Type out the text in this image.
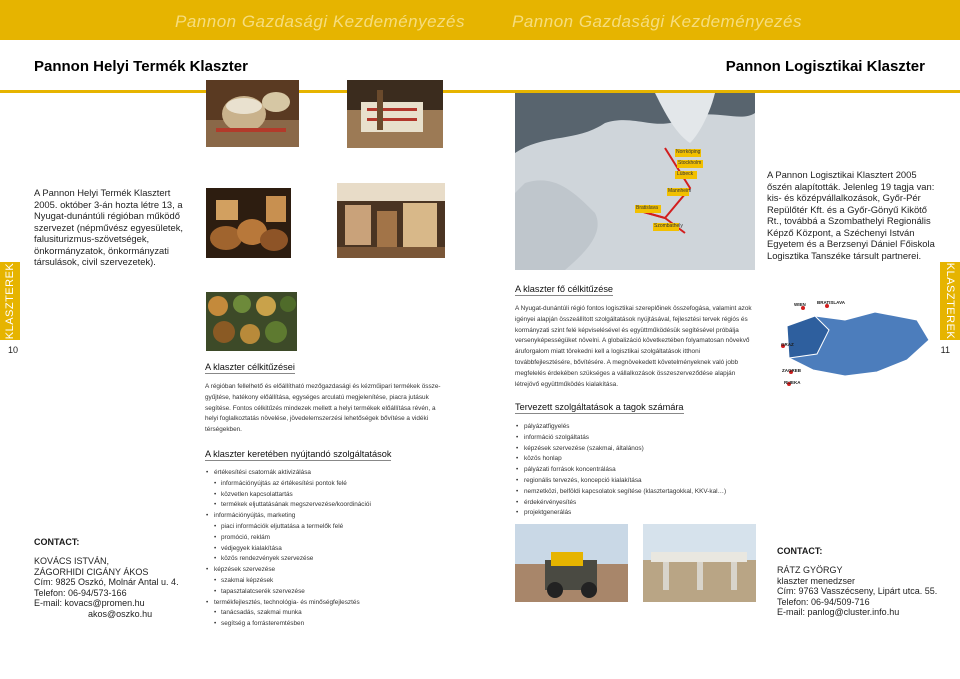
Pannon Gazdasági Kezdeményezés	Pannon Gazdasági Kezdeményezés
Pannon Helyi Termék Klaszter	Pannon Logisztikai Klaszter
KLASZTEREK	KLASZTEREK
10	11
A Pannon Helyi Termék Klasztert 2005. október 3-án hozta létre 13, a Nyugat-dunántúli régióban működő szervezet (népművész egyesületek, falusiturizmus-szövetségek, önkormányzatok, önkormányzati társulások, civil szervezetek).
A klaszter célkitűzései
A régióban fellelhető és előállítható mezőgazdasági és kézműipari termékek összegyűjtése, hatékony előállítása, egységes arculatú megjelenítése, piacra jutásuk segítése. Fontos célkitűzés mindezek mellett a helyi termékek előállítása révén, a helyi foglalkoztatás növelése, jövedelemszerzési lehetőségek bővítése a vidéki térségekben.
A klaszter keretében nyújtandó szolgáltatások
• értékesítési csatornák aktivizálása
• információnyújtás az értékesítési pontok felé
• közvetlen kapcsolattartás
• termékek eljuttatásának megszervezése/koordinációi
• információnyújtás, marketing
• piaci információk eljuttatása a termelők felé
• promóció, reklám
• védjegyek kialakítása
• közös rendezvények szervezése
• képzések szervezése
• szakmai képzések
• tapasztalatcserék szervezése
• termékfejlesztés, technológia- és minőségfejlesztés
• tanácsadás, szakmai munka
• segítség a forrásteremtésben
CONTACT:
KOVÁCS ISTVÁN,
ZÁGORHIDI CIGÁNY ÁKOS
Cím: 9825 Oszkó, Molnár Antal u. 4.
Telefon: 06-94/573-166
E-mail: kovacs@promen.hu
akos@oszko.hu
Norrköping
Stockholm
Lübeck
Mannheim
Bratislava
Szombathely
A Pannon Logisztikai Klasztert 2005 őszén alapították. Jelenleg 19 tagja van: kis- és középvállalkozások, Győr-Pér Repülőtér Kft. és a Győr-Gönyű Kikötő Rt., továbbá a Szombathelyi Regionális Képző Központ, a Széchenyi István Egyetem és a Berzsenyi Dániel Főiskola Logisztika Tanszéke társult partnerei.
A klaszter fő célkitűzése
A Nyugat-dunántúli régió fontos logisztikai szereplőinek összefogása, valamint azok igényei alapján összeállított szolgáltatások nyújtásával, fejlesztési tervek régiós és kormányzati szint felé képviselésével és együttműködésük segítésével próbálja versenyképességüket növelni. A globalizáció következtében folyamatosan növekvő áruforgalom miatt törekedni kell a logisztikai szolgáltatások itthoni továbbfejlesztésére, bővítésére. A megnövekedett követelményeknek való jobb megfelelés érdekében szükséges a vállalkozások összeszerveződése alapján létrejövő együttműködés kialakítása.
WIEN	BRATISLAVA
GRAZ
ZAGREB
RIJEKA
Tervezett szolgáltatások a tagok számára
• pályázatfigyelés
• információ szolgáltatás
• képzések szervezése (szakmai, általános)
• közös honlap
• pályázati források koncentrálása
• regionális tervezés, koncepció kialakítása
• nemzetközi, belföldi kapcsolatok segítése (klasztertagokkal, KKV-kal…)
• érdekérvényesítés
• projektgenerálás
CONTACT:
RÁTZ GYÖRGY
klaszter menedzser
Cím: 9763 Vasszécseny, Lipárt utca. 55.
Telefon: 06-94/509-716
E-mail: panlog@cluster.info.hu
